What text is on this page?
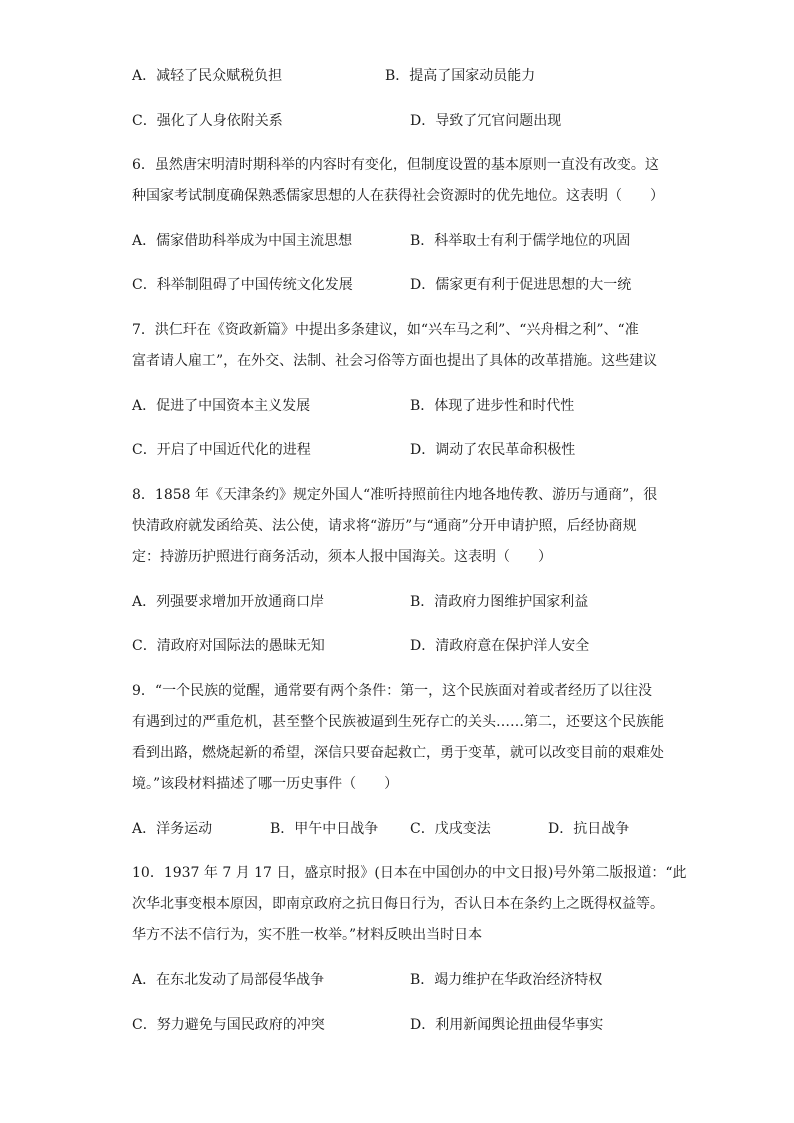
A．减轻了民众赋税负担	B．提高了国家动员能力
C．强化了人身依附关系	D．导致了冗官问题出现
6．虽然唐宋明清时期科举的内容时有变化，但制度设置的基本原则一直没有改变。这
种国家考试制度确保熟悉儒家思想的人在获得社会资源时的优先地位。这表明（　　）
A．儒家借助科举成为中国主流思想	B．科举取士有利于儒学地位的巩固
C．科举制阻碍了中国传统文化发展	D．儒家更有利于促进思想的大一统
7．洪仁玕在《资政新篇》中提出多条建议，如“兴车马之利”、“兴舟楫之利”、“准
富者请人雇工”，在外交、法制、社会习俗等方面也提出了具体的改革措施。这些建议
A．促进了中国资本主义发展	B．体现了进步性和时代性
C．开启了中国近代化的进程	D．调动了农民革命积极性
8．1858 年《天津条约》规定外国人“准听持照前往内地各地传教、游历与通商”，很
快清政府就发函给英、法公使，请求将“游历”与“通商”分开申请护照，后经协商规
定：持游历护照进行商务活动，须本人报中国海关。这表明（　　）
A．列强要求增加开放通商口岸	B．清政府力图维护国家利益
C．清政府对国际法的愚昧无知	D．清政府意在保护洋人安全
9．“一个民族的觉醒，通常要有两个条件：第一，这个民族面对着或者经历了以往没
有遇到过的严重危机，甚至整个民族被逼到生死存亡的关头……第二，还要这个民族能
看到出路，燃烧起新的希望，深信只要奋起救亡，勇于变革，就可以改变目前的艰难处
境。”该段材料描述了哪一历史事件（　　）
A．洋务运动	B．甲午中日战争 C．戊戌变法	D．抗日战争
10．1937 年 7 月 17 日，盛京时报》(日本在中国创办的中文日报)号外第二版报道：“此
次华北事变根本原因，即南京政府之抗日侮日行为，否认日本在条约上之既得权益等。
华方不法不信行为，实不胜一枚举。”材料反映出当时日本
A．在东北发动了局部侵华战争	B．竭力维护在华政治经济特权
C．努力避免与国民政府的冲突	D．利用新闻舆论扭曲侵华事实
